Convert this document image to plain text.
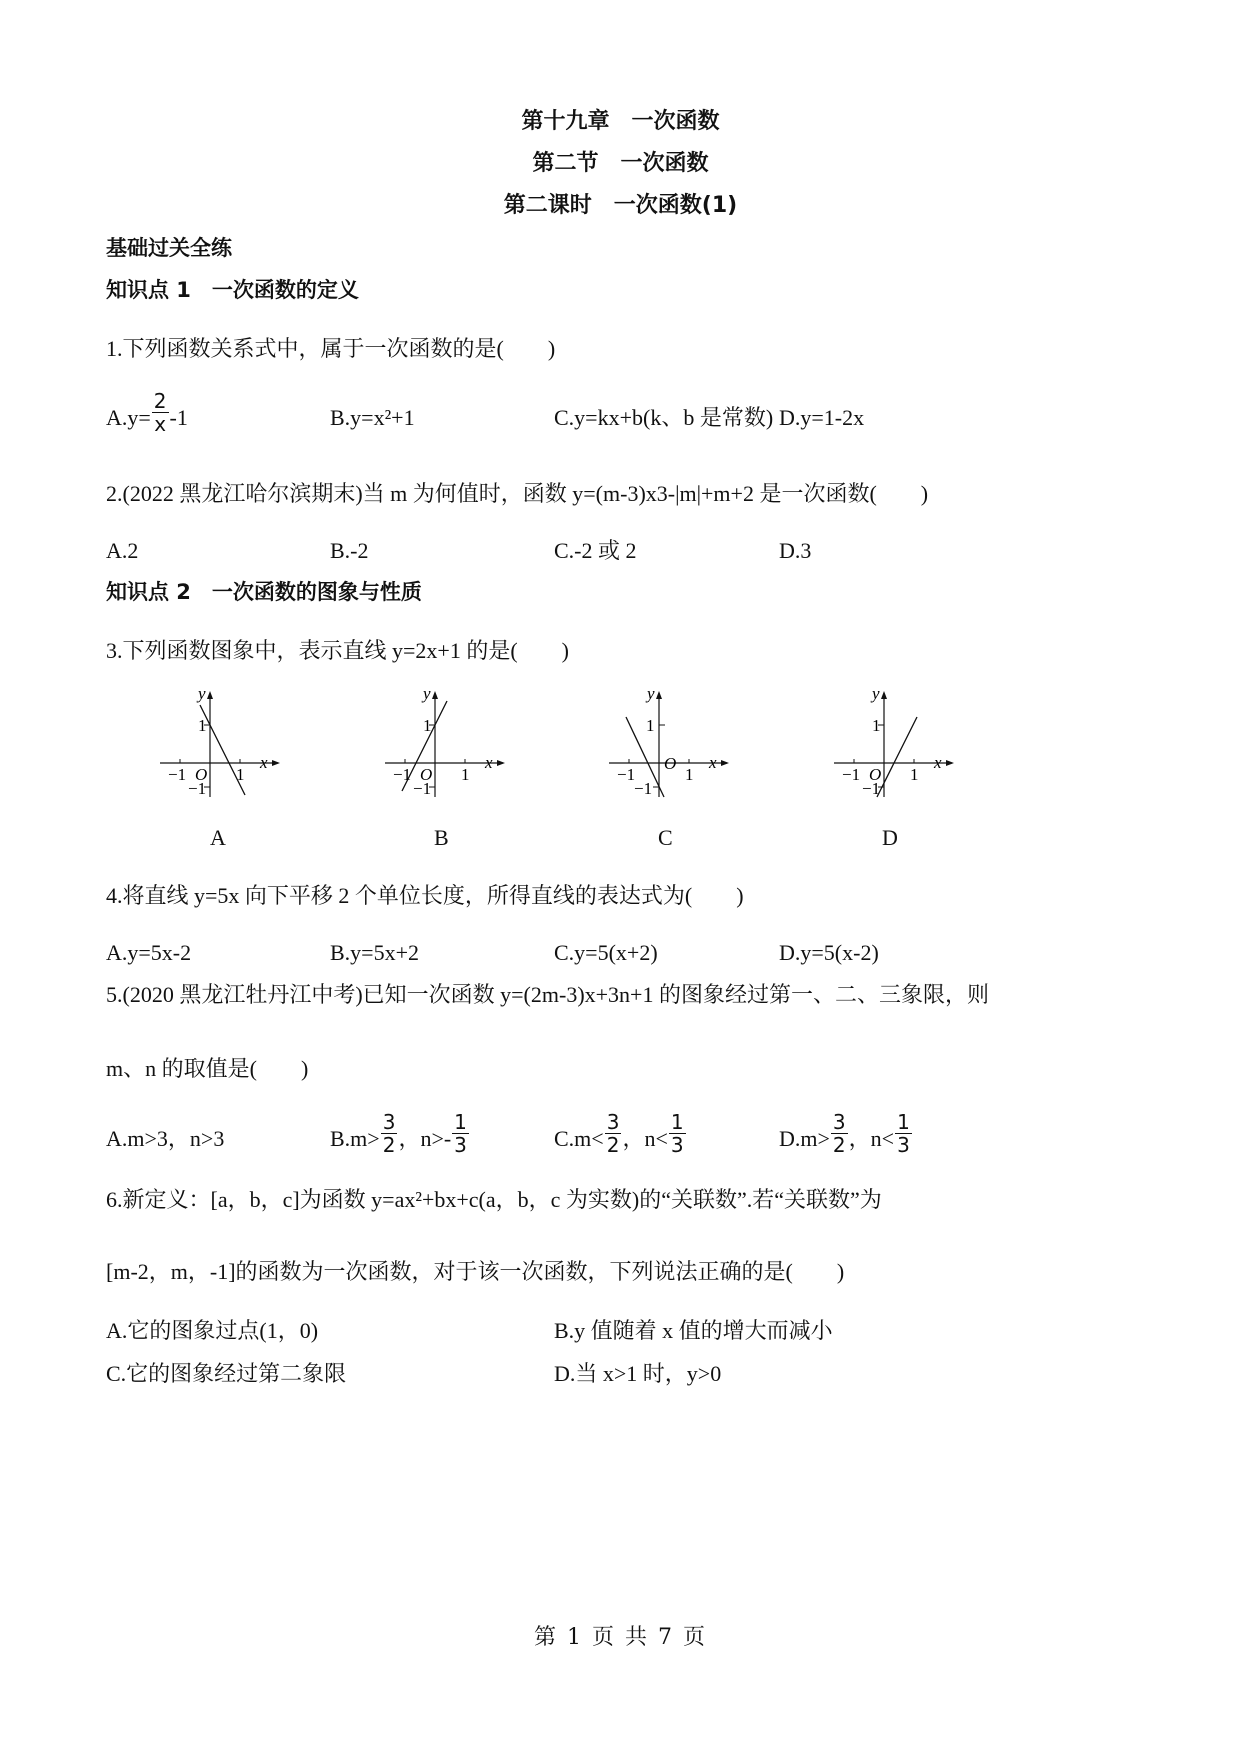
第十九章　一次函数
第二节　一次函数
第二课时　一次函数(1)
基础过关全练
知识点 1　一次函数的定义
1.下列函数关系式中，属于一次函数的是(　　)
$A.y= \frac{2}{x} -1$	B.y=x²+1	C.y=kx+b(k、b 是常数) D.y=1-2x
2.(2022 黑龙江哈尔滨期末)当 m 为何值时，函数 y=(m-3)x3-|m|+m+2 是一次函数(　　)
A.2	B.-2	C.-2 或 2	D.3
知识点 2　一次函数的图象与性质
3.下列函数图象中，表示直线 y=2x+1 的是(　　)
y
x
O
1
1
−1
−1
y
x
O
1
1
−1
−1
y
x
O
1
1
−1
−1
y
x
O
1
1
−1
−1
A	B	C	D
4.将直线 y=5x 向下平移 2 个单位长度，所得直线的表达式为(　　)
A.y=5x-2	B.y=5x+2	C.y=5(x+2)	D.y=5(x-2)
5.(2020 黑龙江牡丹江中考)已知一次函数 y=(2m-3)x+3n+1 的图象经过第一、二、三象限，则
m、n 的取值是(　　)
A.m>3，n>3	$B.m> \frac{3}{2}$ ，$n>- \frac{1}{3}$	$C.m< \frac{3}{2}$ ，$n< \frac{1}{3}$	$D.m> \frac{3}{2}$ ，$n< \frac{1}{3}$
6.新定义：[a，b，c]为函数 y=ax²+bx+c(a，b，c 为实数)的“关联数”.若“关联数”为
[m-2，m，-1]的函数为一次函数，对于该一次函数，下列说法正确的是(　　)
A.它的图象过点(1，0)	B.y 值随着 x 值的增大而减小
C.它的图象经过第二象限	D.当 x>1 时，y>0
第 1 页 共 7 页
